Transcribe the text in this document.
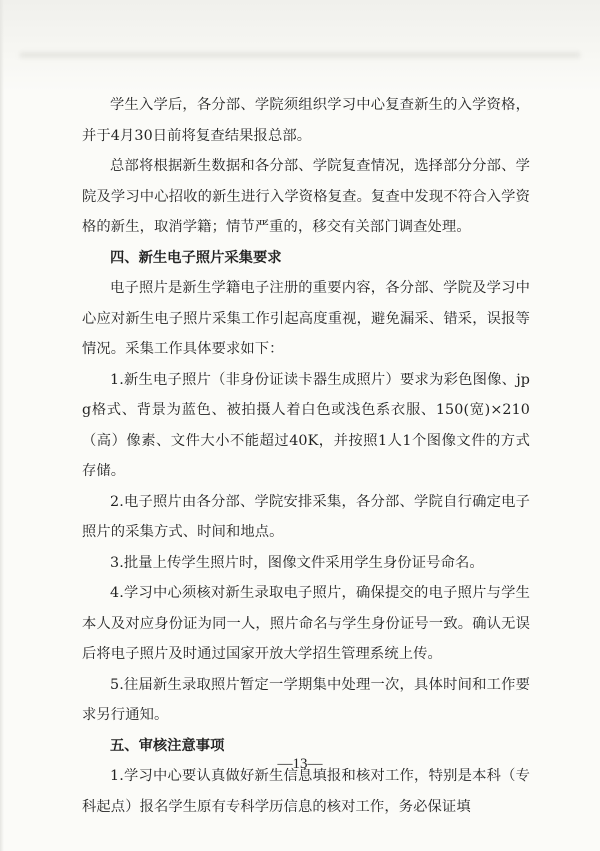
学生入学后，各分部、学院须组织学习中心复查新生的入学资格，并于4月30日前将复查结果报总部。

总部将根据新生数据和各分部、学院复查情况，选择部分分部、学院及学习中心招收的新生进行入学资格复查。复查中发现不符合入学资格的新生，取消学籍；情节严重的，移交有关部门调查处理。

四、新生电子照片采集要求

电子照片是新生学籍电子注册的重要内容，各分部、学院及学习中心应对新生电子照片采集工作引起高度重视，避免漏采、错采，误报等情况。采集工作具体要求如下：

1.新生电子照片（非身份证读卡器生成照片）要求为彩色图像、jpg格式、背景为蓝色、被拍摄人着白色或浅色系衣服、150(宽)×210（高）像素、文件大小不能超过40K，并按照1人1个图像文件的方式存储。

2.电子照片由各分部、学院安排采集，各分部、学院自行确定电子照片的采集方式、时间和地点。

3.批量上传学生照片时，图像文件采用学生身份证号命名。

4.学习中心须核对新生录取电子照片，确保提交的电子照片与学生本人及对应身份证为同一人，照片命名与学生身份证号一致。确认无误后将电子照片及时通过国家开放大学招生管理系统上传。

5.往届新生录取照片暂定一学期集中处理一次，具体时间和工作要求另行通知。

五、审核注意事项

1.学习中心要认真做好新生信息填报和核对工作，特别是本科（专科起点）报名学生原有专科学历信息的核对工作，务必保证填

—13—
